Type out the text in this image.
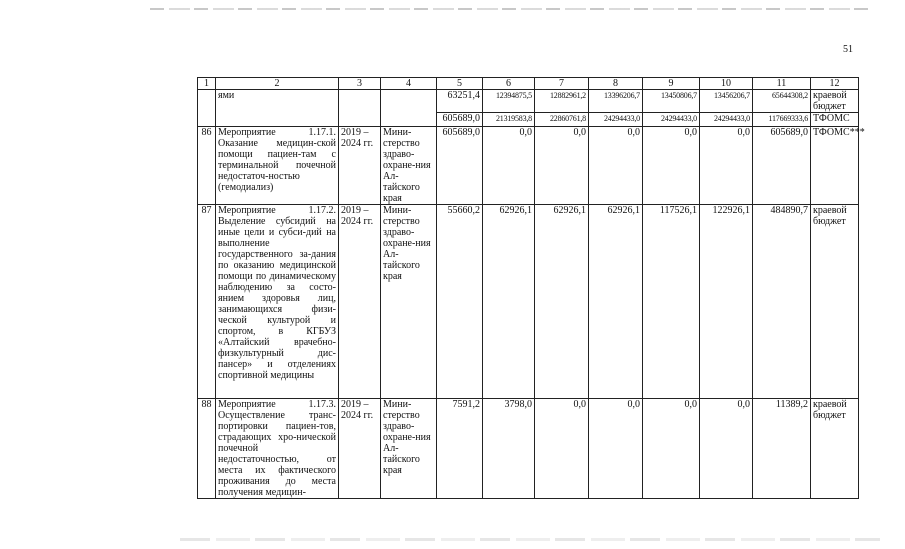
51
1	2	3	4	5	6	7	8	9	10	11	12
	ями			63251,4	12394875,5	12882961,2	13396206,7	13450806,7	13456206,7	65644308,2	краевой бюджет
				605689,0	21319583,8	22860761,8	24294433,0	24294433,0	24294433,0	117669333,6	ТФОМС
86	Мероприятие 1.17.1. Оказание медицин-ской помощи пациен-там с терминальной почечной недостаточ-ностью (гемодиализ)	2019 – 2024 гг.	Мини-стерство здраво-охране-ния Ал-тайского края	605689,0	0,0	0,0	0,0	0,0	0,0	605689,0	ТФОМС***
87	Мероприятие 1.17.2. Выделение субсидий на иные цели и субси-дий на выполнение государственного за-дания по оказанию медицинской помощи по динамическому наблюдению за состо-янием здоровья лиц, занимающихся физи-ческой культурой и спортом, в КГБУЗ «Алтайский врачебно-физкультурный дис-пансер» и отделениях спортивной медицины	2019 – 2024 гг.	Мини-стерство здраво-охране-ния Ал-тайского края	55660,2	62926,1	62926,1	62926,1	117526,1	122926,1	484890,7	краевой бюджет
88	Мероприятие 1.17.3. Осуществление транс-портировки пациен-тов, страдающих хро-нической почечной недостаточностью, от места их фактического проживания до места получения медицин-	2019 – 2024 гг.	Мини-стерство здраво-охране-ния Ал-тайского края	7591,2	3798,0	0,0	0,0	0,0	0,0	11389,2	краевой бюджет
